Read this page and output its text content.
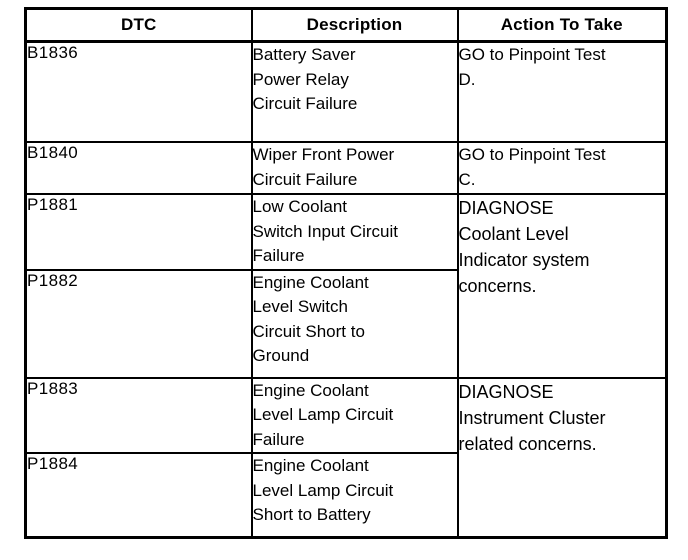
DTC	Description	Action To Take
B1836	Battery Saver
Power Relay
Circuit Failure	GO to Pinpoint Test
D.

B1840	Wiper Front Power
Circuit Failure	GO to Pinpoint Test
C.

P1881	Low Coolant
Switch Input Circuit
Failure	DIAGNOSE
Coolant Level
Indicator system
concerns.

P1882	Engine Coolant
Level Switch
Circuit Short to
Ground	

P1883	Engine Coolant
Level Lamp Circuit
Failure	DIAGNOSE
Instrument Cluster
related concerns.

P1884	Engine Coolant
Level Lamp Circuit
Short to Battery	
